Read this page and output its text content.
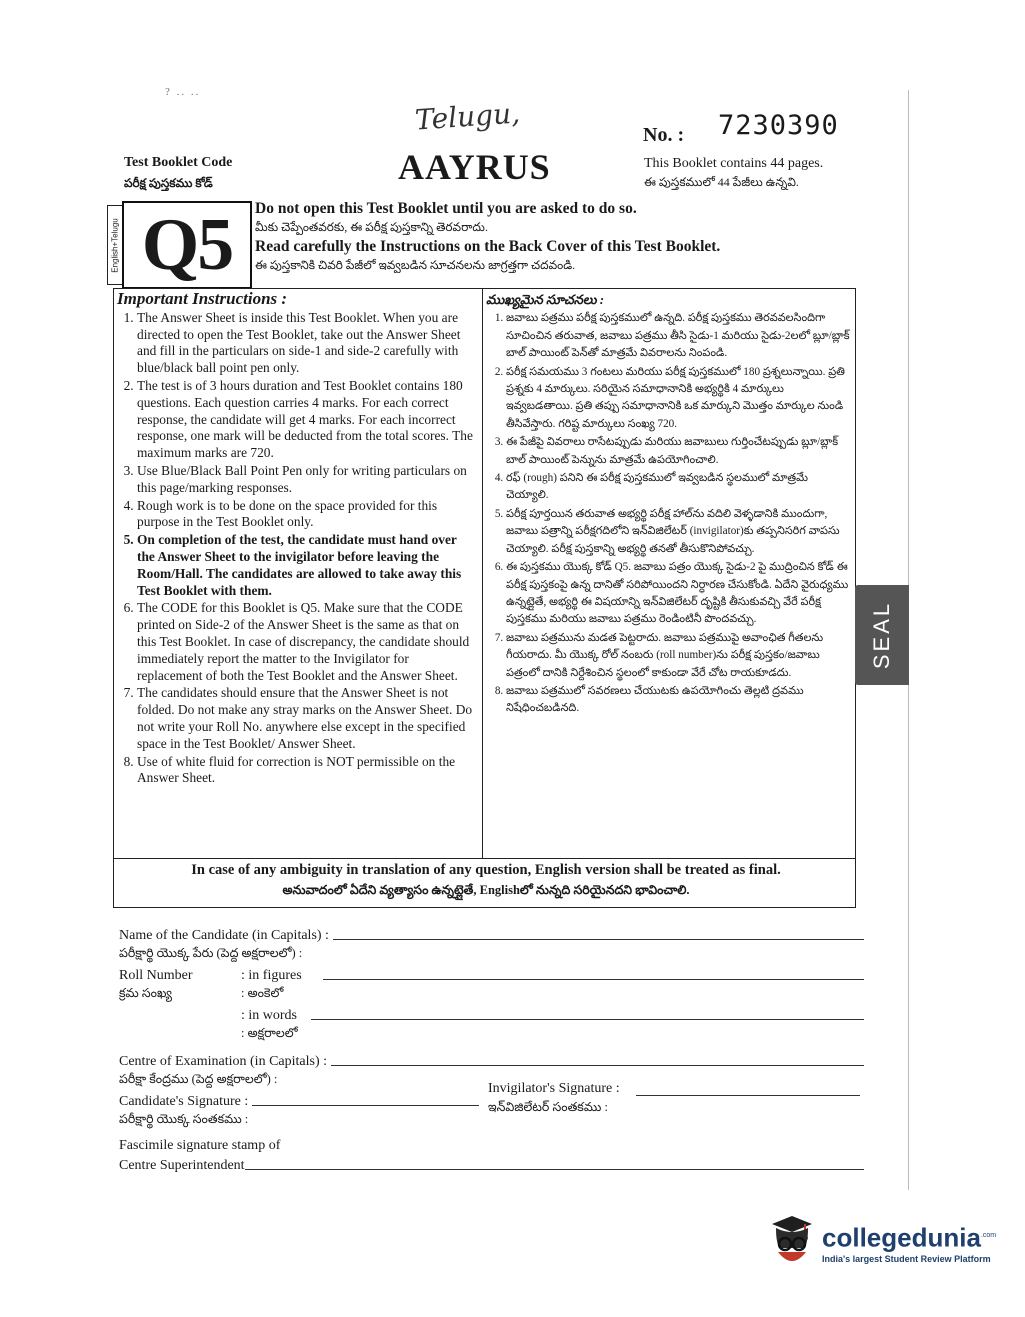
? .. ..
Telugu,	No. : 7230390
Test Booklet Code
పరీక్ష పుస్తకము కోడ్	AAYRUS	This Booklet contains 44 pages.
ఈ పుస్తకములో 44 పేజీలు ఉన్నవి.
English+Telugu Q5 Do not open this Test Booklet until you are asked to do so.
మీకు చెప్పేంతవరకు, ఈ పరీక్ష పుస్తకాన్ని తెరవరాదు.
Read carefully the Instructions on the Back Cover of this Test Booklet.
ఈ పుస్తకానికి చివరి పేజీలో ఇవ్వబడిన సూచనలను జాగ్రత్తగా చదవండి.
Important Instructions :
1. The Answer Sheet is inside this Test Booklet. When you are directed to open the Test Booklet, take out the Answer Sheet and fill in the particulars on side-1 and side-2 carefully with blue/black ball point pen only.
2. The test is of 3 hours duration and Test Booklet contains 180 questions. Each question carries 4 marks. For each correct response, the candidate will get 4 marks. For each incorrect response, one mark will be deducted from the total scores. The maximum marks are 720.
3. Use Blue/Black Ball Point Pen only for writing particulars on this page/marking responses.
4. Rough work is to be done on the space provided for this purpose in the Test Booklet only.
5. On completion of the test, the candidate must hand over the Answer Sheet to the invigilator before leaving the Room/Hall. The candidates are allowed to take away this Test Booklet with them.
6. The CODE for this Booklet is Q5. Make sure that the CODE printed on Side-2 of the Answer Sheet is the same as that on this Test Booklet. In case of discrepancy, the candidate should immediately report the matter to the Invigilator for replacement of both the Test Booklet and the Answer Sheet.
7. The candidates should ensure that the Answer Sheet is not folded. Do not make any stray marks on the Answer Sheet. Do not write your Roll No. anywhere else except in the specified space in the Test Booklet/ Answer Sheet.
8. Use of white fluid for correction is NOT permissible on the Answer Sheet.
ముఖ్యమైన సూచనలు :
1. జవాబు పత్రము పరీక్ష పుస్తకములో ఉన్నది. పరీక్ష పుస్తకము తెరవవలసిందిగా సూచించిన తరువాత, జవాబు పత్రము తీసి సైడు-1 మరియు సైడు-2లలో బ్లూ/బ్లాక్ బాల్ పాయింట్ పెన్‌తో మాత్రమే వివరాలను నింపండి.
2. పరీక్ష సమయము 3 గంటలు మరియు పరీక్ష పుస్తకములో 180 ప్రశ్నలున్నాయి. ప్రతి ప్రశ్నకు 4 మార్కులు. సరియైన సమాధానానికి అభ్యర్థికి 4 మార్కులు ఇవ్వబడతాయి. ప్రతి తప్పు సమాధానానికి ఒక మార్కుని మొత్తం మార్కుల నుండి తీసివేస్తారు. గరిష్ట మార్కులు సంఖ్య 720.
3. ఈ పేజీపై వివరాలు రాసేటప్పుడు మరియు జవాబులు గుర్తించేటప్పుడు బ్లూ/బ్లాక్ బాల్ పాయింట్ పెన్నును మాత్రమే ఉపయోగించాలి.
4. రఫ్ (rough) పనిని ఈ పరీక్ష పుస్తకములో ఇవ్వబడిన స్థలములో మాత్రమే చెయ్యాలి.
5. పరీక్ష పూర్తయిన తరువాత అభ్యర్థి పరీక్ష హాల్‌ను వదిలి వెళ్ళడానికి ముందుగా, జవాబు పత్రాన్ని పరీక్షగదిలోని ఇన్‌విజిలేటర్ (invigilator)కు తప్పనిసరిగ వాపసు చెయ్యాలి. పరీక్ష పుస్తకాన్ని అభ్యర్థి తనతో తీసుకొనిపోవచ్చు.
6. ఈ పుస్తకము యొక్క కోడ్ Q5. జవాబు పత్రం యొక్క సైడు-2 పై ముద్రించిన కోడ్ ఈ పరీక్ష పుస్తకంపై ఉన్న దానితో సరిపోయిందని నిర్ధారణ చేసుకోండి. ఏదేని వైరుధ్యము ఉన్నట్లైతే, అభ్యర్థి ఈ విషయాన్ని ఇన్‌విజిలేటర్ దృష్టికి తీసుకువచ్చి వేరే పరీక్ష పుస్తకము మరియు జవాబు పత్రము రెండింటినీ పొందవచ్చు.
7. జవాబు పత్రమును మడత పెట్టరాదు. జవాబు పత్రముపై అవాంఛిత గీతలను గీయరాదు. మీ యొక్క రోల్ నంబరు (roll number)ను పరీక్ష పుస్తకం/జవాబు పత్రంలో దానికి నిర్దేశించిన స్థలంలో కాకుండా వేరే చోట రాయకూడదు.
8. జవాబు పత్రములో సవరణలు చేయుటకు ఉపయోగించు తెల్లటి ద్రవము నిషేధించబడినది.
In case of any ambiguity in translation of any question, English version shall be treated as final.
అనువాదంలో ఏదేని వ్యత్యాసం ఉన్నట్లైతే, Englishలో నున్నది సరియైనదని భావించాలి.
Name of the Candidate (in Capitals) :
పరీక్షార్థి యొక్క పేరు (పెద్ద అక్షరాలలో) :
Roll Number	: in figures
క్రమ సంఖ్య	: అంకెలో
: in words
: అక్షరాలలో
Centre of Examination (in Capitals) :
పరీక్షా కేంద్రము (పెద్ద అక్షరాలలో) :
Candidate's Signature :
పరీక్షార్థి యొక్క సంతకము :
Fascimile signature stamp of
Centre Superintendent
Invigilator's Signature :
ఇన్‌విజిలేటర్ సంతకము :
SEAL
collegedunia$^{.com}$
India's largest Student Review Platform
